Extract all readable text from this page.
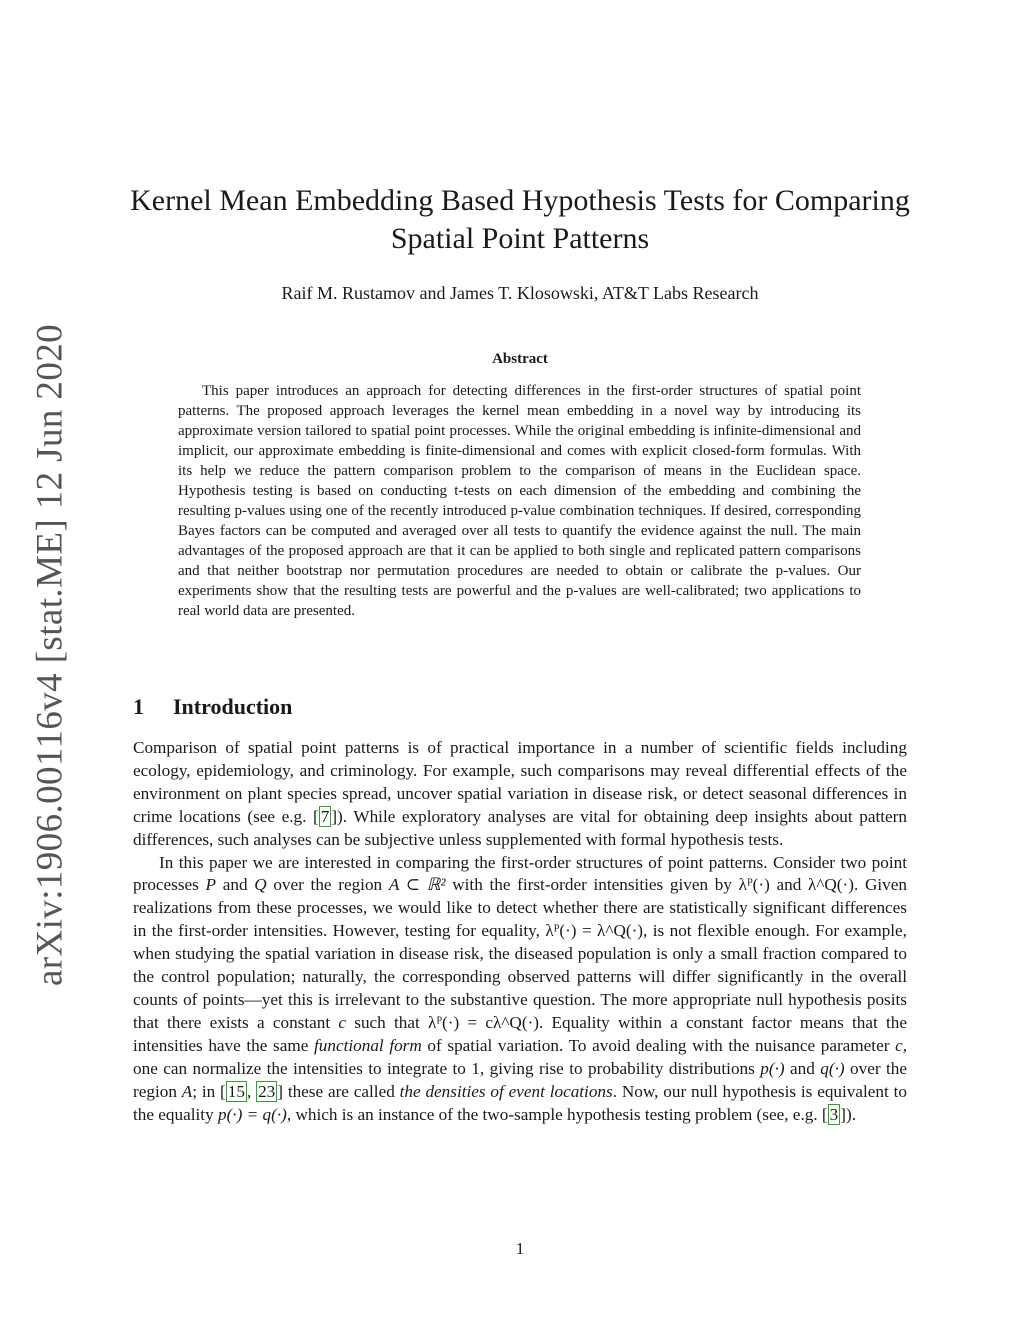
arXiv:1906.00116v4 [stat.ME] 12 Jun 2020
Kernel Mean Embedding Based Hypothesis Tests for Comparing
Spatial Point Patterns
Raif M. Rustamov and James T. Klosowski, AT&T Labs Research
Abstract
This paper introduces an approach for detecting differences in the first-order structures of spatial point patterns. The proposed approach leverages the kernel mean embedding in a novel way by introducing its approximate version tailored to spatial point processes. While the original embedding is infinite-dimensional and implicit, our approximate embedding is finite-dimensional and comes with explicit closed-form formulas. With its help we reduce the pattern comparison problem to the comparison of means in the Euclidean space. Hypothesis testing is based on conducting t-tests on each dimension of the embedding and combining the resulting p-values using one of the recently introduced p-value combination techniques. If desired, corresponding Bayes factors can be computed and averaged over all tests to quantify the evidence against the null. The main advantages of the proposed approach are that it can be applied to both single and replicated pattern comparisons and that neither bootstrap nor permutation procedures are needed to obtain or calibrate the p-values. Our experiments show that the resulting tests are powerful and the p-values are well-calibrated; two applications to real world data are presented.
1 Introduction

Comparison of spatial point patterns is of practical importance in a number of scientific fields including ecology, epidemiology, and criminology. For example, such comparisons may reveal differential effects of the environment on plant species spread, uncover spatial variation in disease risk, or detect seasonal differences in crime locations (see e.g. [ 7 ]). While exploratory analyses are vital for obtaining deep insights about pattern differences, such analyses can be subjective unless supplemented with formal hypothesis tests.

In this paper we are interested in comparing the first-order structures of point patterns. Consider two point processes P and Q over the region A ⊂ ℝ² with the first-order intensities given by λᴾ(·) and λ^Q(·). Given realizations from these processes, we would like to detect whether there are statistically significant differences in the first-order intensities. However, testing for equality, λᴾ(·) = λ^Q(·), is not flexible enough. For example, when studying the spatial variation in disease risk, the diseased population is only a small fraction compared to the control population; naturally, the corresponding observed patterns will differ significantly in the overall counts of points—yet this is irrelevant to the substantive question. The more appropriate null hypothesis posits that there exists a constant c such that λᴾ(·) = cλ^Q(·). Equality within a constant factor means that the intensities have the same functional form of spatial variation. To avoid dealing with the nuisance parameter c, one can normalize the intensities to integrate to 1, giving rise to probability distributions p(·) and q(·) over the region A; in [ 15 , 23 ] these are called the densities of event locations. Now, our null hypothesis is equivalent to the equality p(·) = q(·), which is an instance of the two-sample hypothesis testing problem (see, e.g. [ 3 ]).

1
